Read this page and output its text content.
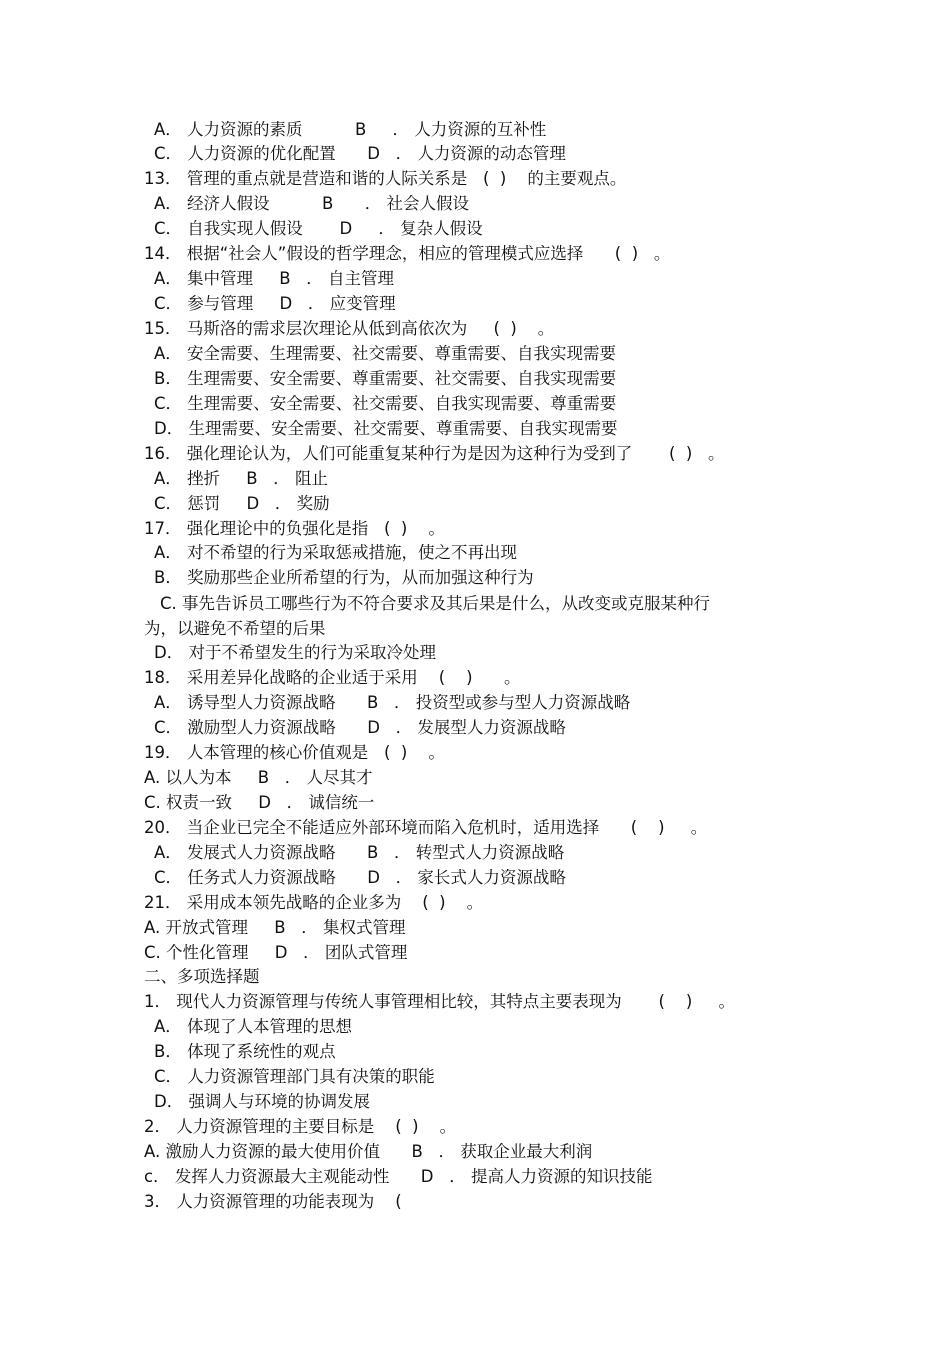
A． 人力资源的素质          B     ． 人力资源的互补性
C． 人力资源的优化配置      D   ． 人力资源的动态管理
13． 管理的重点就是营造和谐的人际关系是   (  )    的主要观点。
A． 经济人假设          B      ． 社会人假设
C． 自我实现人假设       D     ． 复杂人假设
14． 根据“社会人”假设的哲学理念，相应的管理模式应选择      (  )   。
A． 集中管理     B   ． 自主管理
C． 参与管理     D   ． 应变管理
15． 马斯洛的需求层次理论从低到高依次为     (  )    。
A． 安全需要、生理需要、社交需要、尊重需要、自我实现需要
B． 生理需要、安全需要、尊重需要、社交需要、自我实现需要
C． 生理需要、安全需要、社交需要、自我实现需要、尊重需要
D． 生理需要、安全需要、社交需要、尊重需要、自我实现需要
16． 强化理论认为，人们可能重复某种行为是因为这种行为受到了       (  )   。
A． 挫折     B   ． 阻止
C． 惩罚     D   ． 奖励
17． 强化理论中的负强化是指   (  )    。
A． 对不希望的行为采取惩戒措施，使之不再出现
B． 奖励那些企业所希望的行为，从而加强这种行为
C. 事先告诉员工哪些行为不符合要求及其后果是什么，从改变或克服某种行
为，以避免不希望的后果
D． 对于不希望发生的行为采取冷处理
18． 采用差异化战略的企业适于采用    (    )      。
A． 诱导型人力资源战略      B   ． 投资型或参与型人力资源战略
C． 激励型人力资源战略      D   ． 发展型人力资源战略
19． 人本管理的核心价值观是   (  )    。
A. 以人为本     B   ． 人尽其才
C. 权责一致     D   ． 诚信统一
20． 当企业已完全不能适应外部环境而陷入危机时，适用选择      (    )     。
A． 发展式人力资源战略      B   ． 转型式人力资源战略
C． 任务式人力资源战略      D   ． 家长式人力资源战略
21． 采用成本领先战略的企业多为    (  )    。
A. 开放式管理     B   ． 集权式管理
C. 个性化管理     D   ． 团队式管理
二、多项选择题
1． 现代人力资源管理与传统人事管理相比较，其特点主要表现为       (    )     。
A． 体现了人本管理的思想
B． 体现了系统性的观点
C． 人力资源管理部门具有决策的职能
D． 强调人与环境的协调发展
2． 人力资源管理的主要目标是    (  )    。
A. 激励人力资源的最大使用价值      B   ． 获取企业最大利润
c． 发挥人力资源最大主观能动性      D   ． 提高人力资源的知识技能
3． 人力资源管理的功能表现为    (
